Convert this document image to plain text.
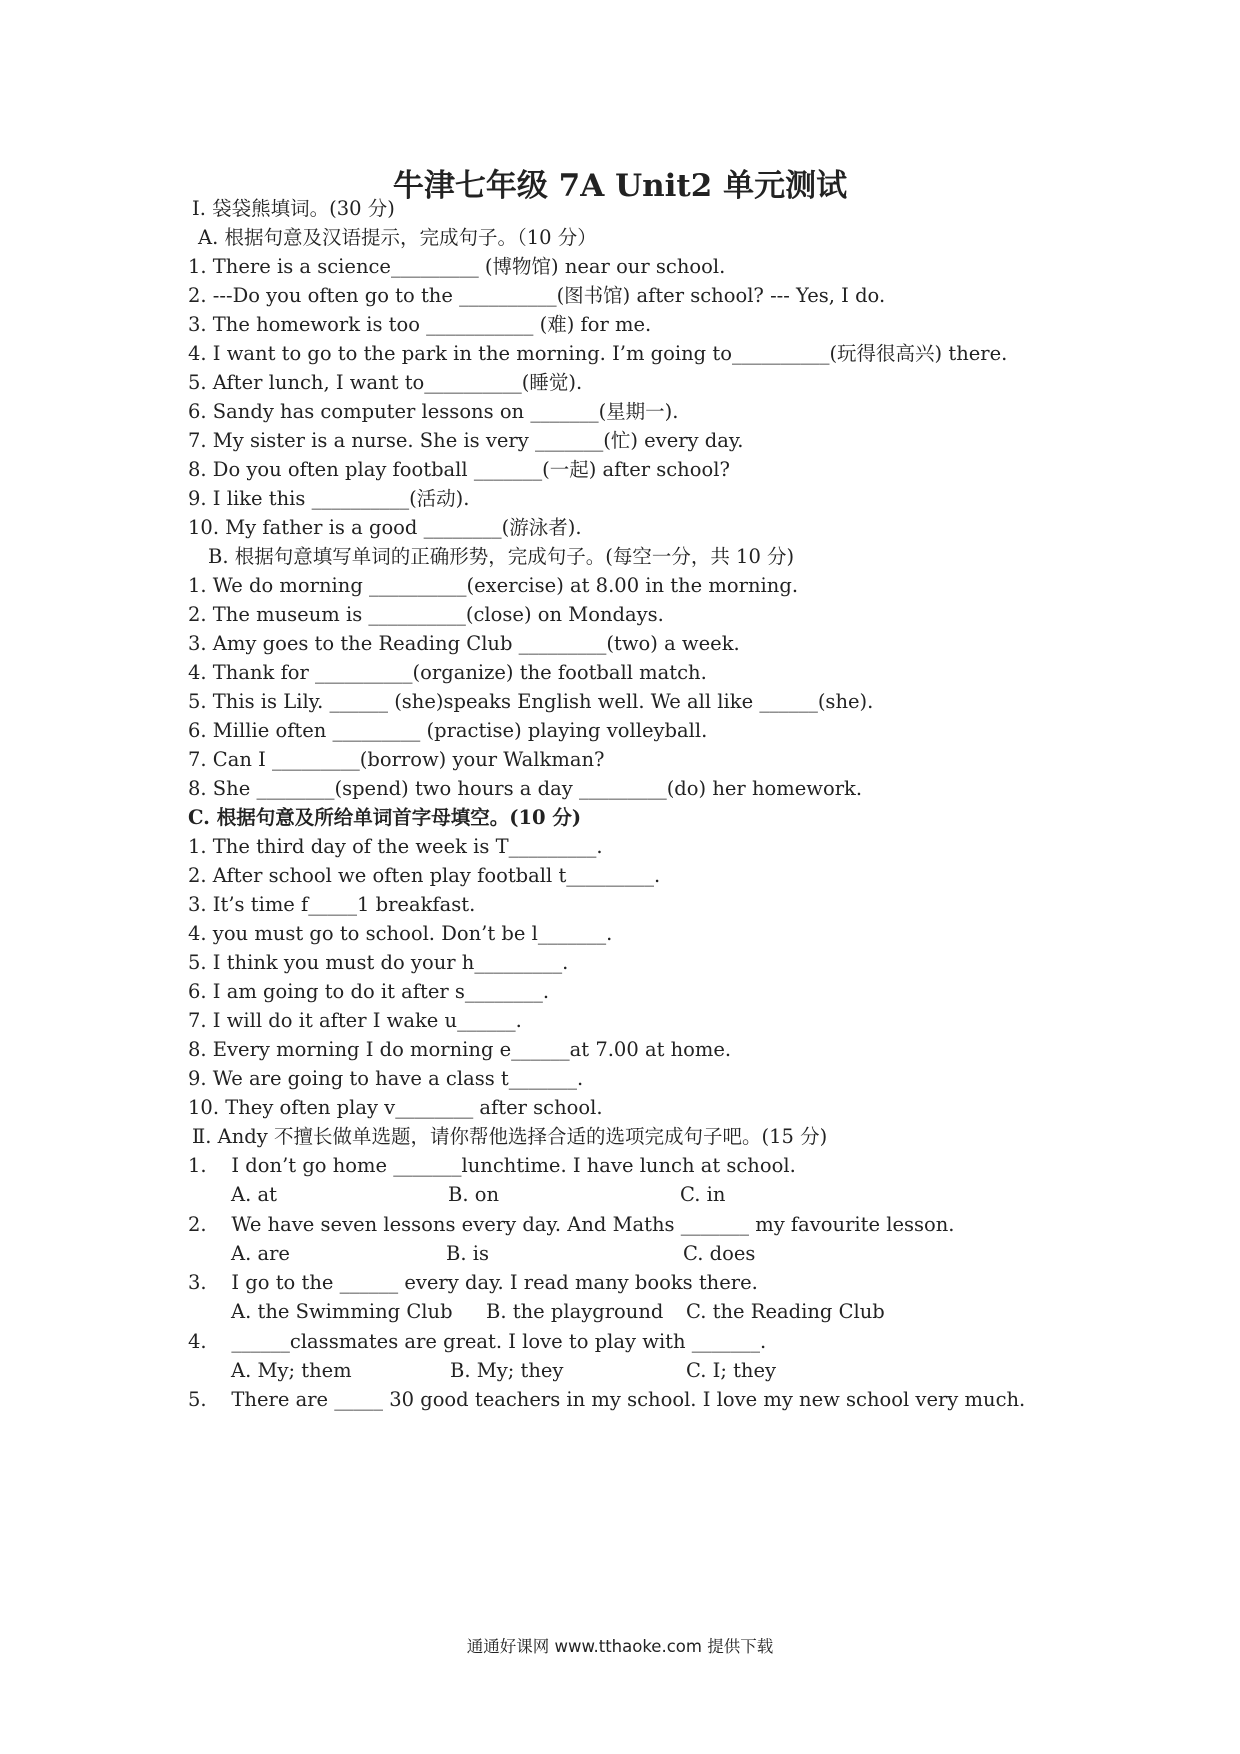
牛津七年级 7A Unit2 单元测试
Ⅰ. 袋袋熊填词。(30 分)
A. 根据句意及汉语提示，完成句子。（10 分）
1. There is a science_________ (博物馆) near our school.
2. ---Do you often go to the __________(图书馆) after school? --- Yes, I do.
3. The homework is too ___________ (难) for me.
4. I want to go to the park in the morning. I’m going to__________(玩得很高兴) there.
5. After lunch, I want to__________(睡觉).
6. Sandy has computer lessons on _______(星期一).
7. My sister is a nurse. She is very _______(忙) every day.
8. Do you often play football _______(一起) after school?
9. I like this __________(活动).
10. My father is a good ________(游泳者).
B. 根据句意填写单词的正确形势，完成句子。(每空一分，共 10 分)
1. We do morning __________(exercise) at 8.00 in the morning.
2. The museum is __________(close) on Mondays.
3. Amy goes to the Reading Club _________(two) a week.
4. Thank for __________(organize) the football match.
5. This is Lily. ______ (she)speaks English well. We all like ______(she).
6. Millie often _________ (practise) playing volleyball.
7. Can I _________(borrow) your Walkman?
8. She ________(spend) two hours a day _________(do) her homework.
C. 根据句意及所给单词首字母填空。(10 分)
1. The third day of the week is T_________.
2. After school we often play football t_________.
3. It’s time f_____1 breakfast.
4. you must go to school. Don’t be l_______.
5. I think you must do your h_________.
6. I am going to do it after s________.
7. I will do it after I wake u______.
8. Every morning I do morning e______at 7.00 at home.
9. We are going to have a class t_______.
10. They often play v________ after school.
Ⅱ. Andy 不擅长做单选题，请你帮他选择合适的选项完成句子吧。(15 分)
1.    I don’t go home _______lunchtime. I have lunch at school.
A. at	B. on	C. in
2.    We have seven lessons every day. And Maths _______ my favourite lesson.
A. are	B. is	C. does
3.    I go to the ______ every day. I read many books there.
A. the Swimming Club B. the playground C. the Reading Club
4.    ______classmates are great. I love to play with _______.
A. My; them	B. My; they	C. I; they
5.    There are _____ 30 good teachers in my school. I love my new school very much.
通通好课网 www.tthaoke.com 提供下载
